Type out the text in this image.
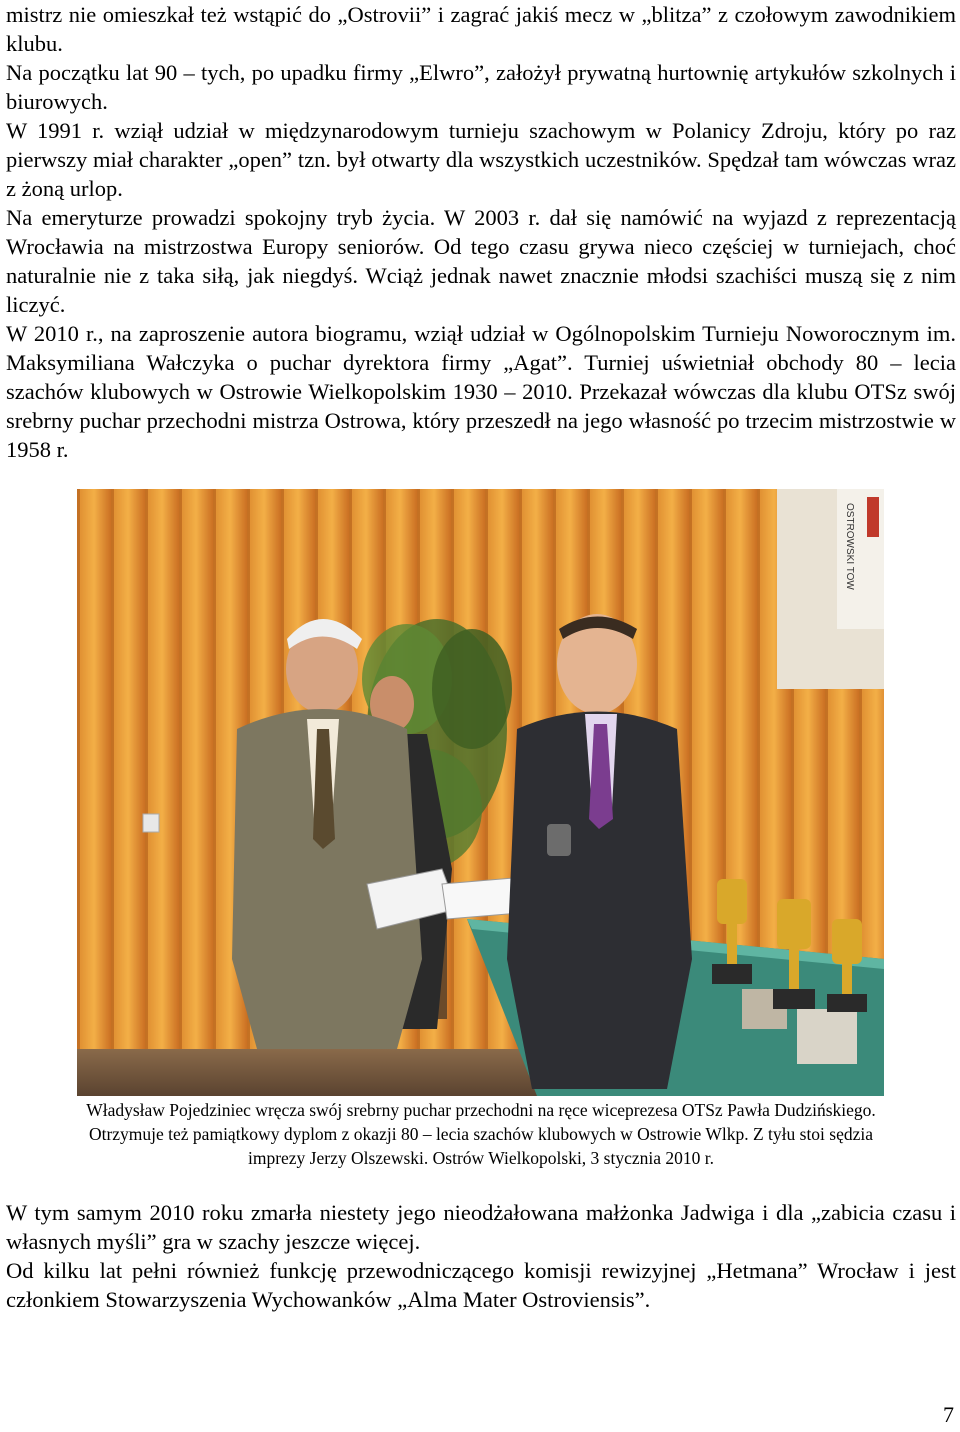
mistrz nie omieszkał też wstąpić do „Ostrovii” i zagrać jakiś mecz w „blitza” z czołowym zawodnikiem klubu.

Na początku lat 90 – tych, po upadku firmy „Elwro”, założył prywatną hurtownię artykułów szkolnych i biurowych.

W 1991 r. wziął udział w międzynarodowym turnieju szachowym w Polanicy Zdroju, który po raz pierwszy miał charakter „open” tzn. był otwarty dla wszystkich uczestników. Spędzał tam wówczas wraz z żoną urlop.

Na emeryturze prowadzi spokojny tryb życia. W 2003 r. dał się namówić na wyjazd z reprezentacją Wrocławia na mistrzostwa Europy seniorów. Od tego czasu grywa nieco częściej w turniejach, choć naturalnie nie z taka siłą, jak niegdyś. Wciąż jednak nawet znacznie młodsi szachiści muszą się z nim liczyć.

W 2010 r., na zaproszenie autora biogramu, wziął udział w Ogólnopolskim Turnieju Noworocznym im. Maksymiliana Wałczyka o puchar dyrektora firmy „Agat”. Turniej uświetniał obchody 80 – lecia szachów klubowych w Ostrowie Wielkopolskim 1930 – 2010. Przekazał wówczas dla klubu OTSz swój srebrny puchar przechodni mistrza Ostrowa, który przeszedł na jego własność po trzecim mistrzostwie w 1958 r.

OSTROWSKI TOW

Władysław Pojedziniec wręcza swój srebrny puchar przechodni na ręce wiceprezesa OTSz Pawła Dudzińskiego.

Otrzymuje też pamiątkowy dyplom z okazji 80 – lecia szachów klubowych w Ostrowie Wlkp. Z tyłu stoi sędzia

imprezy Jerzy Olszewski. Ostrów Wielkopolski, 3 stycznia 2010 r.

W tym samym 2010 roku zmarła niestety jego nieodżałowana małżonka Jadwiga i dla „zabicia czasu i własnych myśli” gra w szachy jeszcze więcej.

Od kilku lat pełni również funkcję przewodniczącego komisji rewizyjnej „Hetmana” Wrocław i jest członkiem Stowarzyszenia Wychowanków „Alma Mater Ostroviensis”.

7
